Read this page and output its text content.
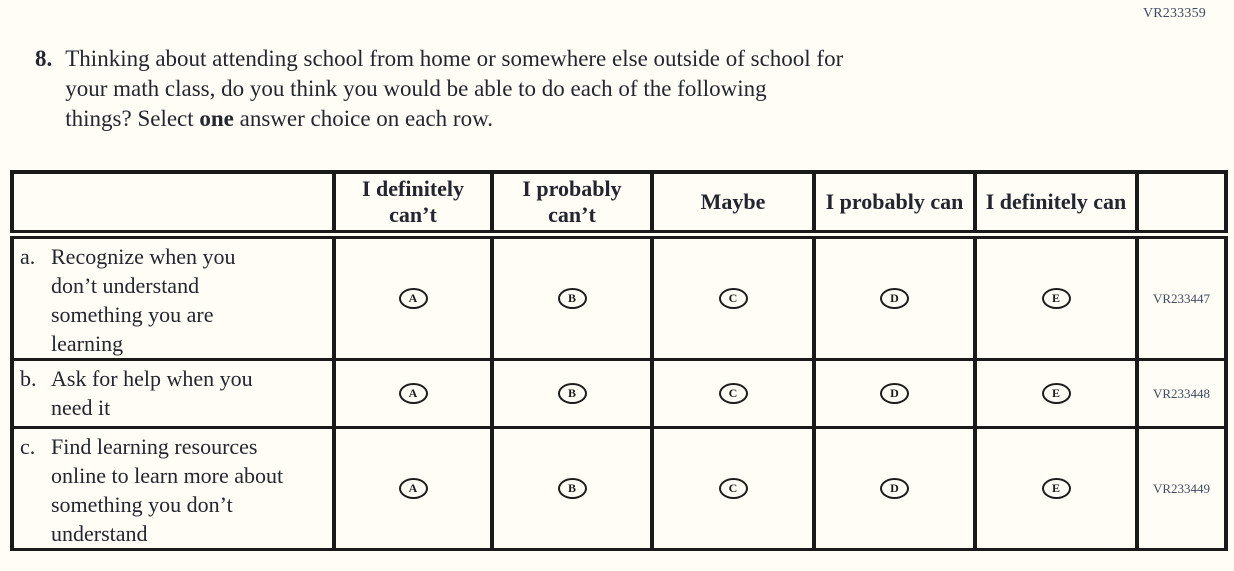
VR233359
8. Thinking about attending school from home or somewhere else outside of school for
your math class, do you think you would be able to do each of the following
things? Select one answer choice on each row.
	I definitely can’t	I probably can’t	Maybe	I probably can	I definitely can	

a. Recognize when you don’t understand something you are learning	A	B	C	D	E	VR233447

b. Ask for help when you need it	A	B	C	D	E	VR233448

c. Find learning resources online to learn more about something you don’t understand	A	B	C	D	E	VR233449
